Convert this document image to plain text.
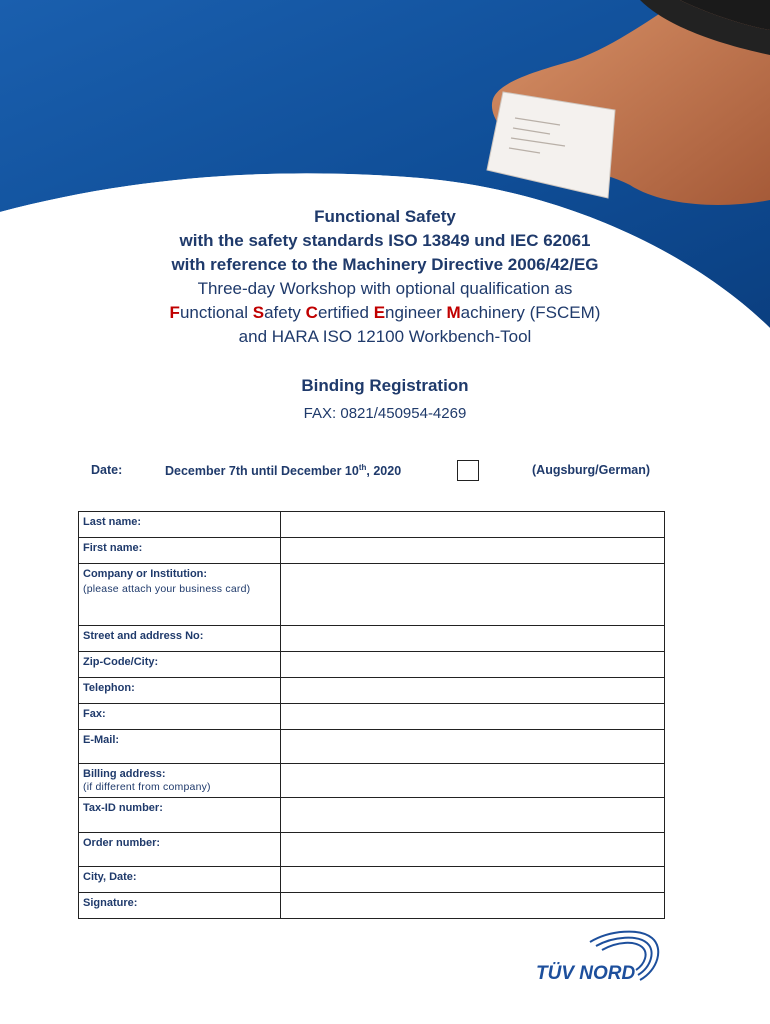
Functional Safety
with the safety standards ISO 13849 und IEC 62061
with reference to the Machinery Directive 2006/42/EG
Three-day Workshop with optional qualification as
Functional Safety Certified Engineer Machinery (FSCEM)
and HARA ISO 12100 Workbench-Tool
Binding Registration
FAX: 0821/450954-4269
Date:	December 7th until December 10th, 2020	(Augsburg/German)
Last name:	

First name:	

Company or Institution:
(please attach your business card)

Street and address No:	

Zip-Code/City:	

Telephon:	

Fax:	

E-Mail:	

Billing address:
(if different from company)

Tax-ID number:	

Order number:	

City, Date:	

Signature:	
TÜV NORD
